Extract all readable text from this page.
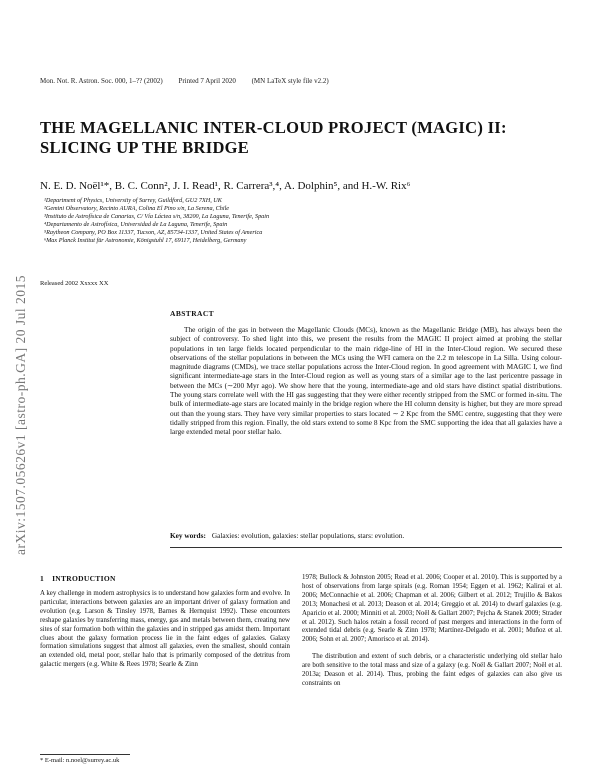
Mon. Not. R. Astron. Soc. 000, 1–?? (2002) Printed 7 April 2020 (MN LaTeX style file v2.2)
THE MAGELLANIC INTER-CLOUD PROJECT (MAGIC) II: SLICING UP THE BRIDGE
N. E. D. Noël¹*, B. C. Conn², J. I. Read¹, R. Carrera³,⁴, A. Dolphin⁵, and H.-W. Rix⁶
¹Department of Physics, University of Surrey, Guildford, GU2 7XH, UK
²Gemini Observatory, Recinto AURA, Colina El Pino s/n, La Serena, Chile
³Instituto de Astrofísica de Canarias, C/ Vía Láctea s/n, 38200, La Laguna, Tenerife, Spain
⁴Departamento de Astrofísica, Universidad de La Laguna, Tenerife, Spain
⁵Raytheon Company, PO Box 11337, Tucson, AZ, 85734-1337, United States of America
⁶Max Planck Institut für Astronomie, Königstuhl 17, 69117, Heidelberg, Germany
Released 2002 Xxxxx XX
arXiv:1507.05626v1 [astro-ph.GA] 20 Jul 2015	ABSTRACT
The origin of the gas in between the Magellanic Clouds (MCs), known as the Magellanic Bridge (MB), has always been the subject of controversy. To shed light into this, we present the results from the MAGIC II project aimed at probing the stellar populations in ten large fields located perpendicular to the main ridge-line of HI in the Inter-Cloud region. We secured these observations of the stellar populations in between the MCs using the WFI camera on the 2.2 m telescope in La Silla. Using colour-magnitude diagrams (CMDs), we trace stellar populations across the Inter-Cloud region. In good agreement with MAGIC I, we find significant intermediate-age stars in the Inter-Cloud region as well as young stars of a similar age to the last pericentre passage in between the MCs (∼200 Myr ago). We show here that the young, intermediate-age and old stars have distinct spatial distributions. The young stars correlate well with the HI gas suggesting that they were either recently stripped from the SMC or formed in-situ. The bulk of intermediate-age stars are located mainly in the bridge region where the HI column density is higher, but they are more spread out than the young stars. They have very similar properties to stars located ∼ 2 Kpc from the SMC centre, suggesting that they were tidally stripped from this region. Finally, the old stars extend to some 8 Kpc from the SMC supporting the idea that all galaxies have a large extended metal poor stellar halo.
Key words: Galaxies: evolution, galaxies: stellar populations, stars: evolution.
1 INTRODUCTION
A key challenge in modern astrophysics is to understand how galaxies form and evolve. In particular, interactions between galaxies are an important driver of galaxy formation and evolution (e.g. Larson & Tinsley 1978, Barnes & Hernquist 1992). These encounters reshape galaxies by transferring mass, energy, gas and metals between them, creating new sites of star formation both within the galaxies and in stripped gas amidst them. Important clues about the galaxy formation process lie in the faint edges of galaxies. Galaxy formation simulations suggest that almost all galaxies, even the smallest, should contain an extended old, metal poor, stellar halo that is primarily composed of the detritus from galactic mergers (e.g. White & Rees 1978; Searle & Zinn

1978; Bullock & Johnston 2005; Read et al. 2006; Cooper et al. 2010). This is supported by a host of observations from large spirals (e.g. Roman 1954; Eggen et al. 1962; Kalirai et al. 2006; McConnachie et al. 2006; Chapman et al. 2006; Gilbert et al. 2012; Trujillo & Bakos 2013; Monachesi et al. 2013; Deason et al. 2014; Greggio et al. 2014) to dwarf galaxies (e.g. Aparicio et al. 2000; Minniti et al. 2003; Noël & Gallart 2007; Pejcha & Stanek 2009; Strader et al. 2012). Such halos retain a fossil record of past mergers and interactions in the form of extended tidal debris (e.g. Searle & Zinn 1978; Martínez-Delgado et al. 2001; Muñoz et al. 2006; Sohn et al. 2007; Amorisco et al. 2014).

The distribution and extent of such debris, or a characteristic underlying old stellar halo are both sensitive to the total mass and size of a galaxy (e.g. Noël & Gallart 2007; Noël et al. 2013a; Deason et al. 2014). Thus, probing the faint edges of galaxies can also give us constraints on

* E-mail: n.noel@surrey.ac.uk
